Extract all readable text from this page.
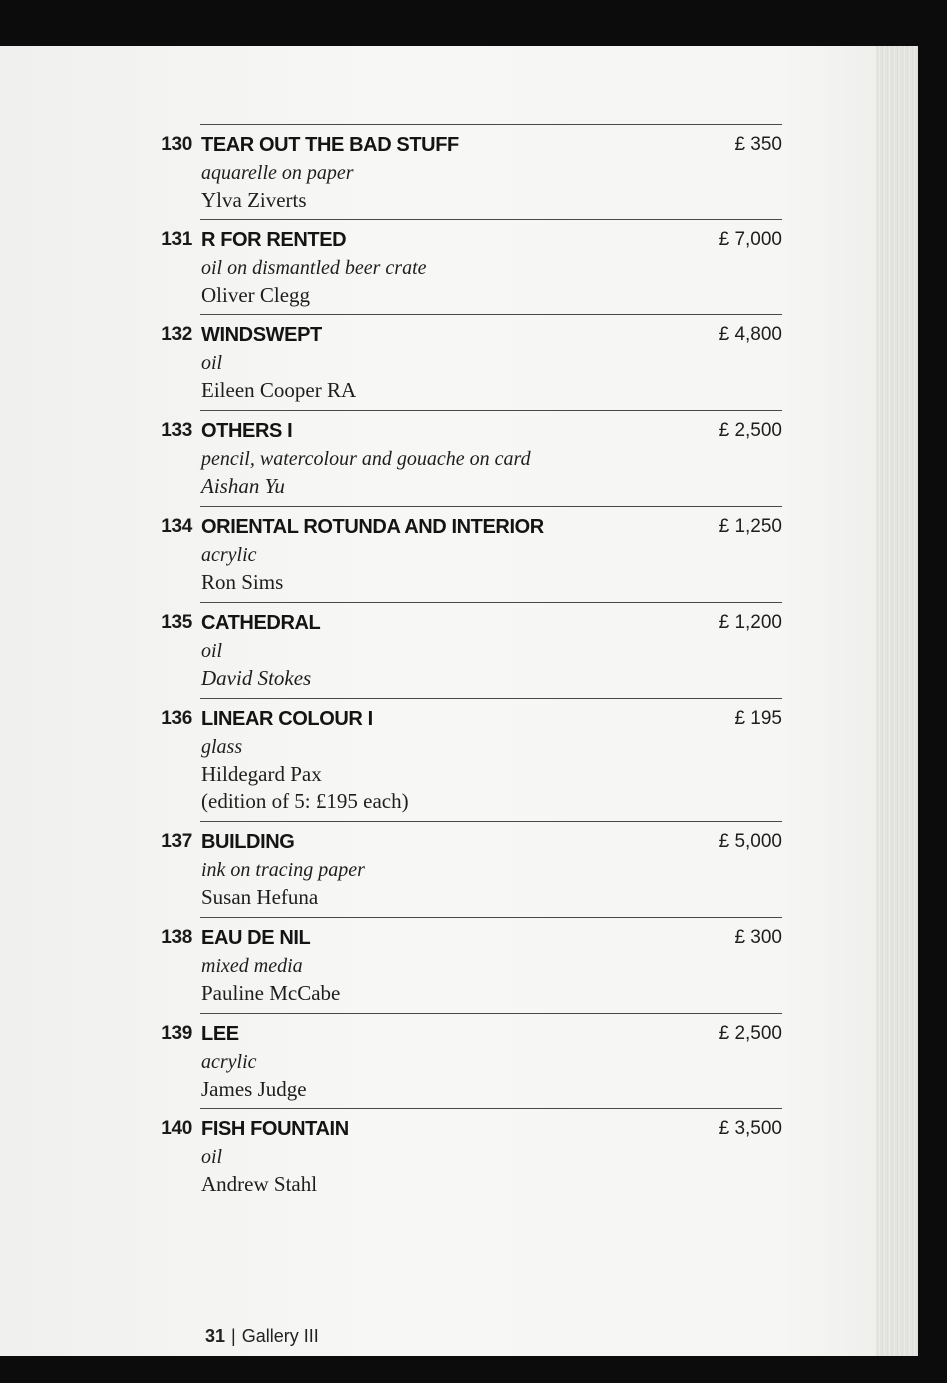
130 TEAR OUT THE BAD STUFF	£ 350
aquarelle on paper
Ylva Ziverts
131 R FOR RENTED	£ 7,000
oil on dismantled beer crate
Oliver Clegg
132 WINDSWEPT	£ 4,800
oil
Eileen Cooper RA
133 OTHERS I	£ 2,500
pencil, watercolour and gouache on card
Aishan Yu
134 ORIENTAL ROTUNDA AND INTERIOR	£ 1,250
acrylic
Ron Sims
135 CATHEDRAL	£ 1,200
oil
David Stokes
136 LINEAR COLOUR I	£ 195
glass
Hildegard Pax
(edition of 5: £195 each)
137 BUILDING	£ 5,000
ink on tracing paper
Susan Hefuna
138 EAU DE NIL	£ 300
mixed media
Pauline McCabe
139 LEE	£ 2,500
acrylic
James Judge
140 FISH FOUNTAIN	£ 3,500
oil
Andrew Stahl
31 | Gallery III
